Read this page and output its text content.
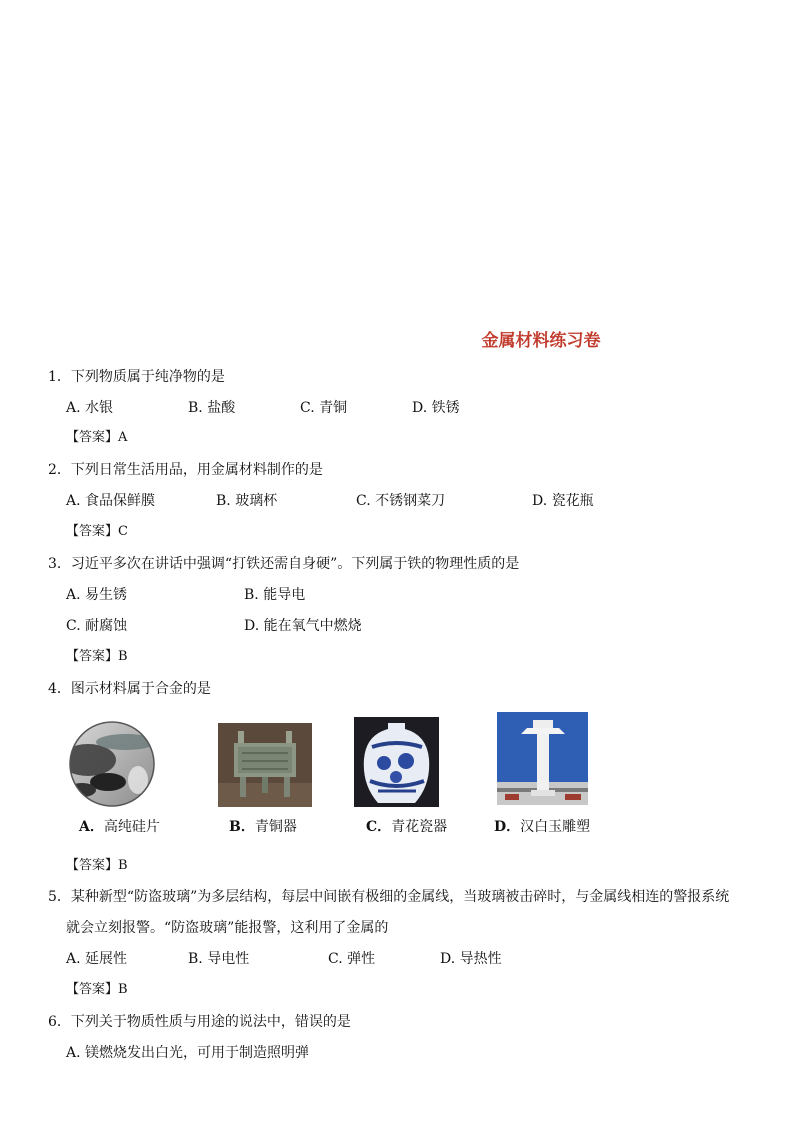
金属材料练习卷
1．下列物质属于纯净物的是
A. 水银	B. 盐酸	C. 青铜	D. 铁锈
【答案】A
2．下列日常生活用品，用金属材料制作的是
A. 食品保鲜膜	B. 玻璃杯	C. 不锈钢菜刀	D. 瓷花瓶
【答案】C
3．习近平多次在讲话中强调“打铁还需自身硬”。下列属于铁的物理性质的是
A. 易生锈	B. 能导电
C. 耐腐蚀	D. 能在氧气中燃烧
【答案】B
4．图示材料属于合金的是
A．高纯硅片	B．青铜器	C．青花瓷器	D．汉白玉雕塑
【答案】B
5．某种新型“防盗玻璃”为多层结构，每层中间嵌有极细的金属线，当玻璃被击碎时，与金属线相连的警报系统
就会立刻报警。“防盗玻璃”能报警，这利用了金属的
A. 延展性	B. 导电性	C. 弹性	D. 导热性
【答案】B
6．下列关于物质性质与用途的说法中，错误的是
A. 镁燃烧发出白光，可用于制造照明弹
